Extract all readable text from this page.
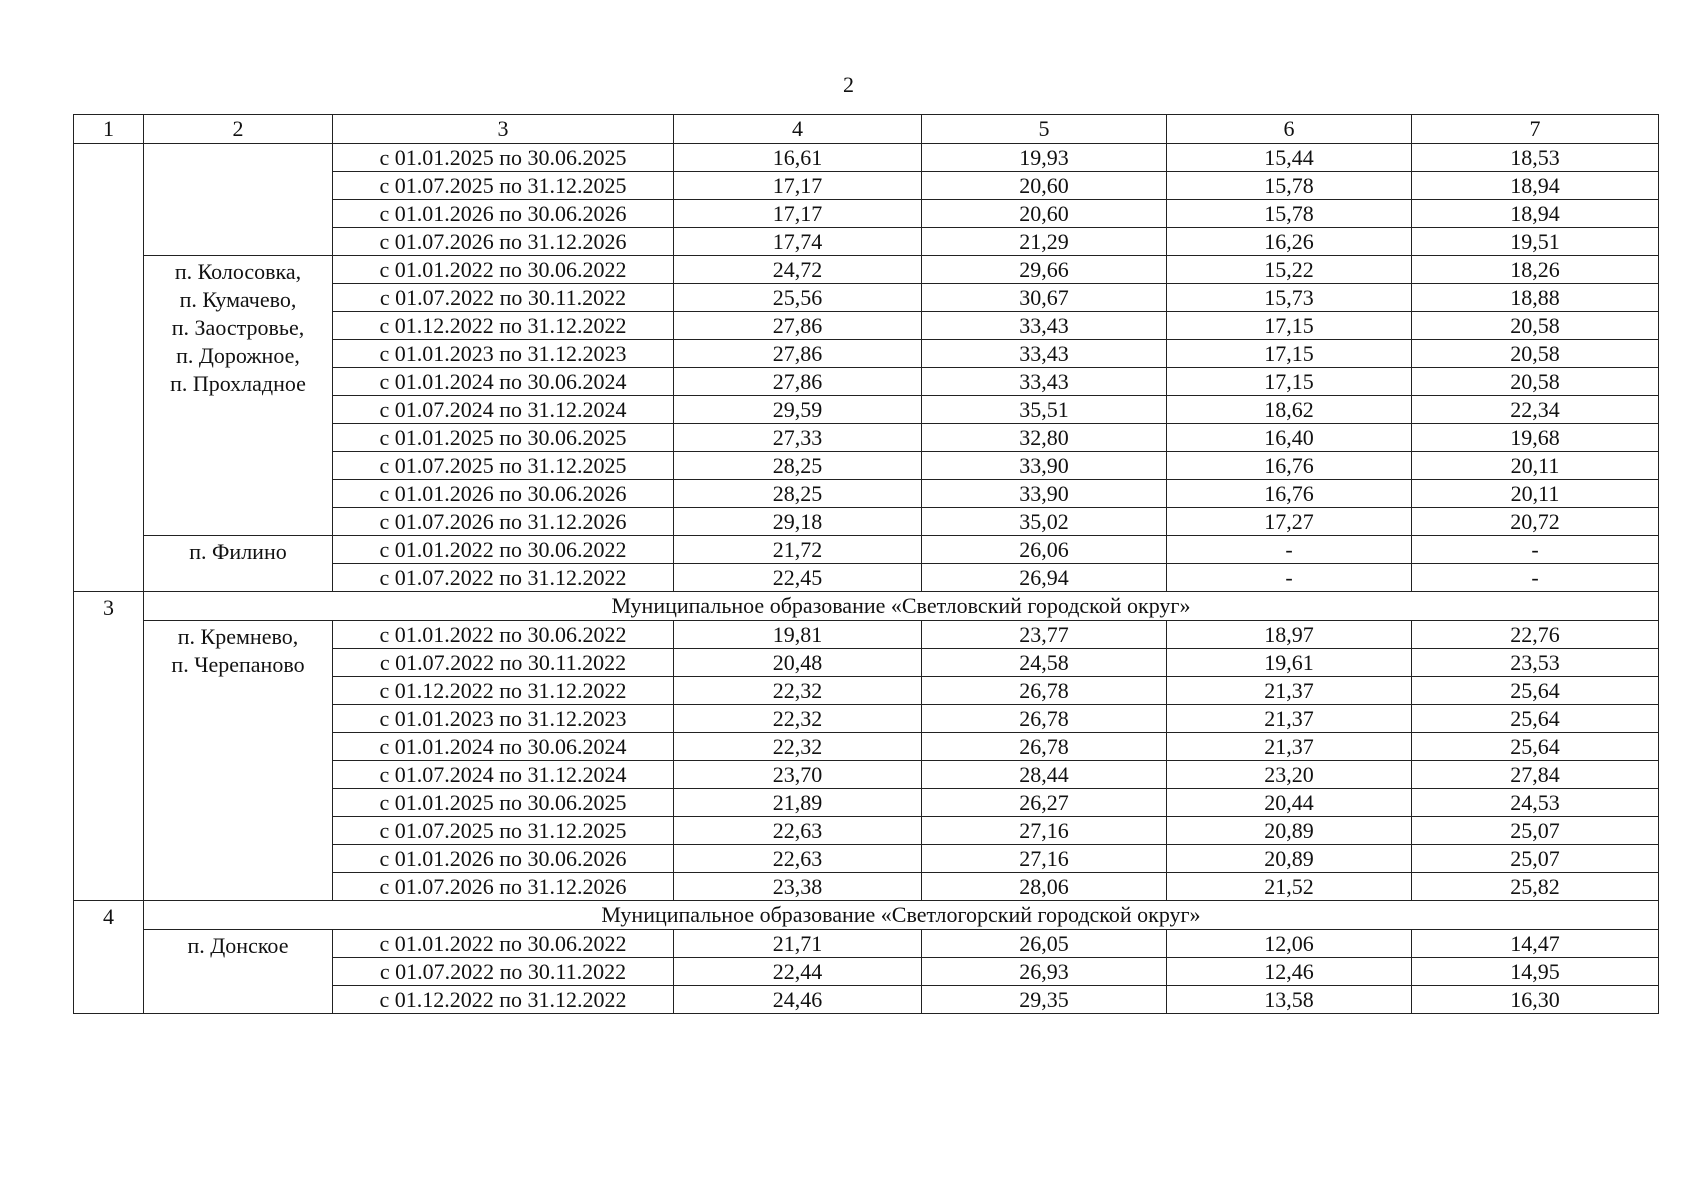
2
1	2	3	4	5	6	7
		с 01.01.2025 по 30.06.2025	16,61	19,93	15,44	18,53
		с 01.07.2025 по 31.12.2025	17,17	20,60	15,78	18,94
		с 01.01.2026 по 30.06.2026	17,17	20,60	15,78	18,94
		с 01.07.2026 по 31.12.2026	17,74	21,29	16,26	19,51

	п. Колосовка,
п. Кумачево,
п. Заостровье,
п. Дорожное,
п. Прохладное	с 01.01.2022 по 30.06.2022	24,72	29,66	15,22	18,26
		с 01.07.2022 по 30.11.2022	25,56	30,67	15,73	18,88
		с 01.12.2022 по 31.12.2022	27,86	33,43	17,15	20,58
		с 01.01.2023 по 31.12.2023	27,86	33,43	17,15	20,58
		с 01.01.2024 по 30.06.2024	27,86	33,43	17,15	20,58
		с 01.07.2024 по 31.12.2024	29,59	35,51	18,62	22,34
		с 01.01.2025 по 30.06.2025	27,33	32,80	16,40	19,68
		с 01.07.2025 по 31.12.2025	28,25	33,90	16,76	20,11
		с 01.01.2026 по 30.06.2026	28,25	33,90	16,76	20,11
		с 01.07.2026 по 31.12.2026	29,18	35,02	17,27	20,72

	п. Филино	с 01.01.2022 по 30.06.2022	21,72	26,06	-	-
		с 01.07.2022 по 31.12.2022	22,45	26,94	-	-
3	Муниципальное образование «Светловский городской округ»					

	п. Кремнево,
п. Черепаново	с 01.01.2022 по 30.06.2022	19,81	23,77	18,97	22,76
		с 01.07.2022 по 30.11.2022	20,48	24,58	19,61	23,53
		с 01.12.2022 по 31.12.2022	22,32	26,78	21,37	25,64
		с 01.01.2023 по 31.12.2023	22,32	26,78	21,37	25,64
		с 01.01.2024 по 30.06.2024	22,32	26,78	21,37	25,64
		с 01.07.2024 по 31.12.2024	23,70	28,44	23,20	27,84
		с 01.01.2025 по 30.06.2025	21,89	26,27	20,44	24,53
		с 01.07.2025 по 31.12.2025	22,63	27,16	20,89	25,07
		с 01.01.2026 по 30.06.2026	22,63	27,16	20,89	25,07
		с 01.07.2026 по 31.12.2026	23,38	28,06	21,52	25,82
4	Муниципальное образование «Светлогорский городской округ»					

	п. Донское	с 01.01.2022 по 30.06.2022	21,71	26,05	12,06	14,47
		с 01.07.2022 по 30.11.2022	22,44	26,93	12,46	14,95
		с 01.12.2022 по 31.12.2022	24,46	29,35	13,58	16,30
